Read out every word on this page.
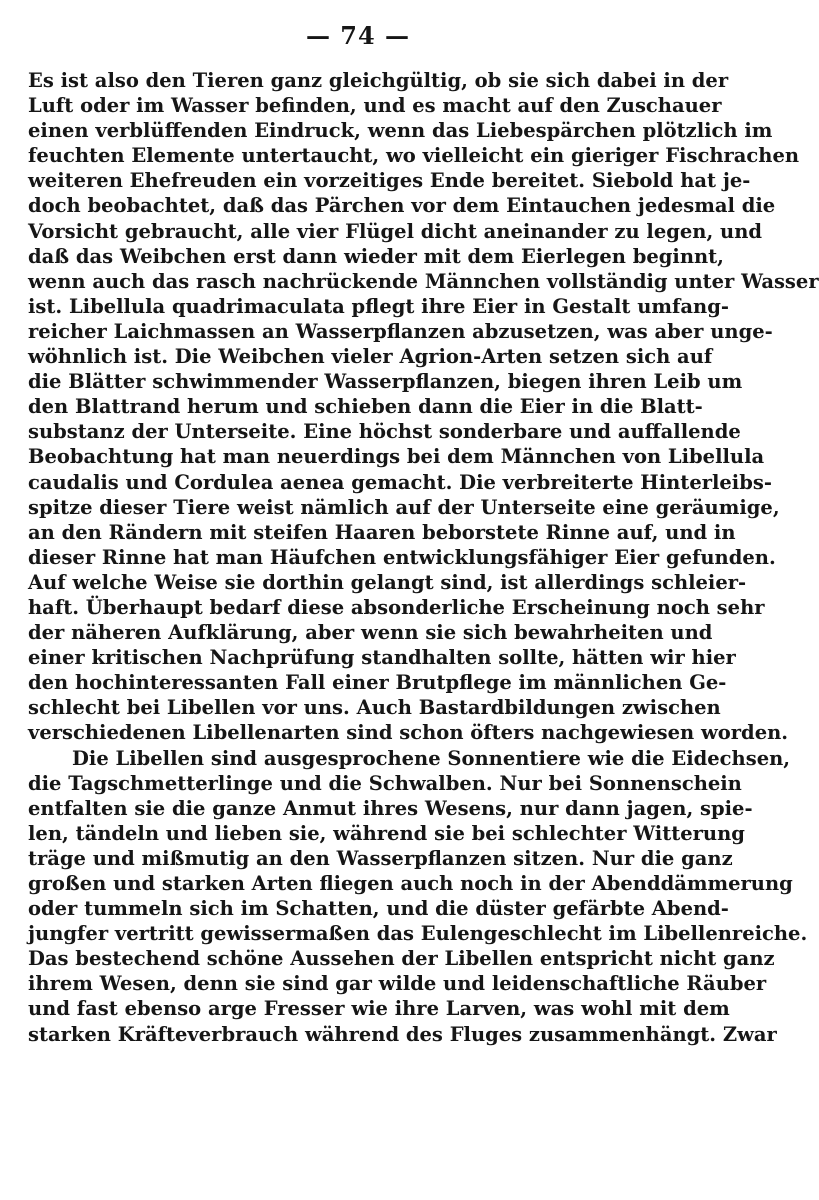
— 74 —
Es ist also den Tieren ganz gleichgültig, ob sie sich dabei in der
Luft oder im Wasser befinden, und es macht auf den Zuschauer
einen verblüffenden Eindruck, wenn das Liebespärchen plötzlich im
feuchten Elemente untertaucht, wo vielleicht ein gieriger Fischrachen
weiteren Ehefreuden ein vorzeitiges Ende bereitet. Siebold hat je-
doch beobachtet, daß das Pärchen vor dem Eintauchen jedesmal die
Vorsicht gebraucht, alle vier Flügel dicht aneinander zu legen, und
daß das Weibchen erst dann wieder mit dem Eierlegen beginnt,
wenn auch das rasch nachrückende Männchen vollständig unter Wasser
ist. Libellula quadrimaculata pflegt ihre Eier in Gestalt umfang-
reicher Laichmassen an Wasserpflanzen abzusetzen, was aber unge-
wöhnlich ist. Die Weibchen vieler Agrion-Arten setzen sich auf
die Blätter schwimmender Wasserpflanzen, biegen ihren Leib um
den Blattrand herum und schieben dann die Eier in die Blatt-
substanz der Unterseite. Eine höchst sonderbare und auffallende
Beobachtung hat man neuerdings bei dem Männchen von Libellula
caudalis und Cordulea aenea gemacht. Die verbreiterte Hinterleibs-
spitze dieser Tiere weist nämlich auf der Unterseite eine geräumige,
an den Rändern mit steifen Haaren beborstete Rinne auf, und in
dieser Rinne hat man Häufchen entwicklungsfähiger Eier gefunden.
Auf welche Weise sie dorthin gelangt sind, ist allerdings schleier-
haft. Überhaupt bedarf diese absonderliche Erscheinung noch sehr
der näheren Aufklärung, aber wenn sie sich bewahrheiten und
einer kritischen Nachprüfung standhalten sollte, hätten wir hier
den hochinteressanten Fall einer Brutpflege im männlichen Ge-
schlecht bei Libellen vor uns. Auch Bastardbildungen zwischen
verschiedenen Libellenarten sind schon öfters nachgewiesen worden.
Die Libellen sind ausgesprochene Sonnentiere wie die Eidechsen,
die Tagschmetterlinge und die Schwalben. Nur bei Sonnenschein
entfalten sie die ganze Anmut ihres Wesens, nur dann jagen, spie-
len, tändeln und lieben sie, während sie bei schlechter Witterung
träge und mißmutig an den Wasserpflanzen sitzen. Nur die ganz
großen und starken Arten fliegen auch noch in der Abenddämmerung
oder tummeln sich im Schatten, und die düster gefärbte Abend-
jungfer vertritt gewissermaßen das Eulengeschlecht im Libellenreiche.
Das bestechend schöne Aussehen der Libellen entspricht nicht ganz
ihrem Wesen, denn sie sind gar wilde und leidenschaftliche Räuber
und fast ebenso arge Fresser wie ihre Larven, was wohl mit dem
starken Kräfteverbrauch während des Fluges zusammenhängt. Zwar
